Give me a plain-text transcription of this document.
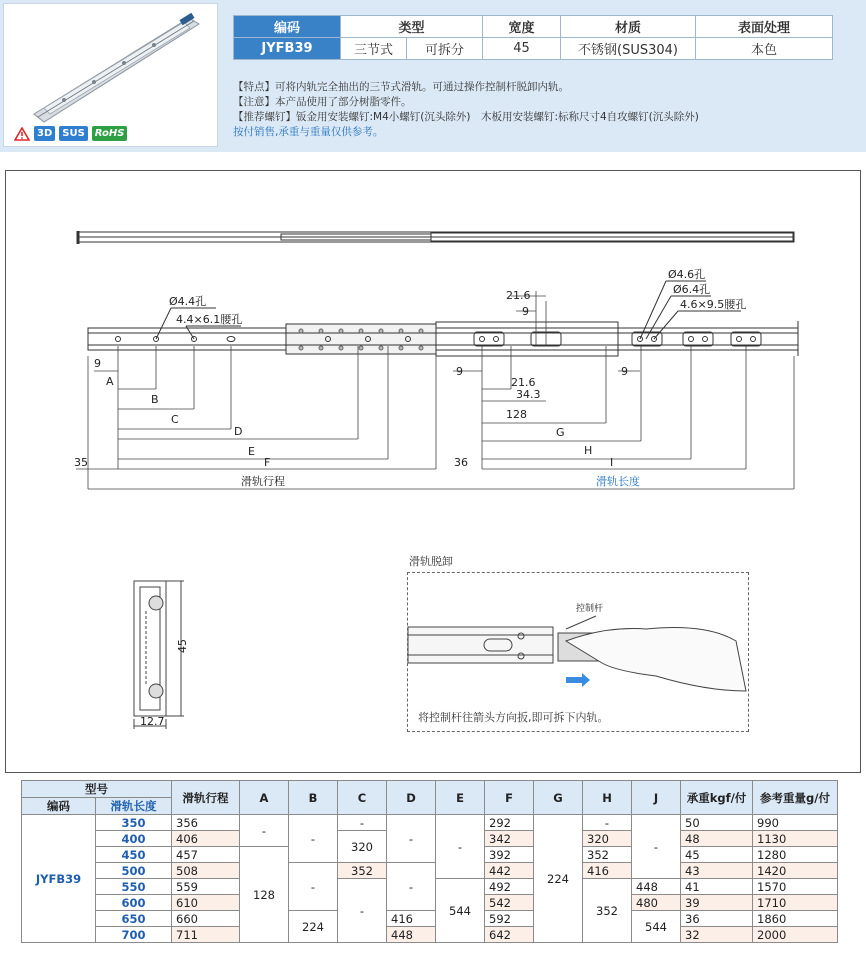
3D	SUS	RoHS
编码	类型		宽度	材质	表面处理
JYFB39	三节式	可拆分	45	不锈钢(SUS304)	本色
【特点】可将内轨完全抽出的三节式滑轨。可通过操作控制杆脱卸内轨。
【注意】本产品使用了部分树脂零件。
【推荐螺钉】钣金用安装螺钉:M4小螺钉(沉头除外)　木板用安装螺钉:标称尺寸4自攻螺钉(沉头除外)
按付销售,承重与重量仅供参考。
Ø4.4孔
4.4×6.1腰孔
Ø4.6孔
Ø6.4孔
4.6×9.5腰孔
9
A
B
C
D
E
F
35
滑轨行程
21.6
9
9
21.6
34.3
128
G
H
I
36
9
滑轨长度
45
12.7
控制杆
滑轨脱卸
将控制杆往箭头方向扳,即可拆下内轨。
型号		滑轨行程	A	B	C	D	E	F	G	H	J	承重kgf/付	参考重量g/付
编码	滑轨长度												
JYFB39	350	356	-	-	-	-	-	292	224	-	-	50	990
	400	406			320			342		320		48	1130
	450	457	128					392		352		45	1280
	500	508		-	352	-		442		416		43	1420
	550	559			-		544	492		352	448	41	1570
	600	610						542			480	39	1710
	650	660		224		416		592			544	36	1860
	700	711				448		642				32	2000
